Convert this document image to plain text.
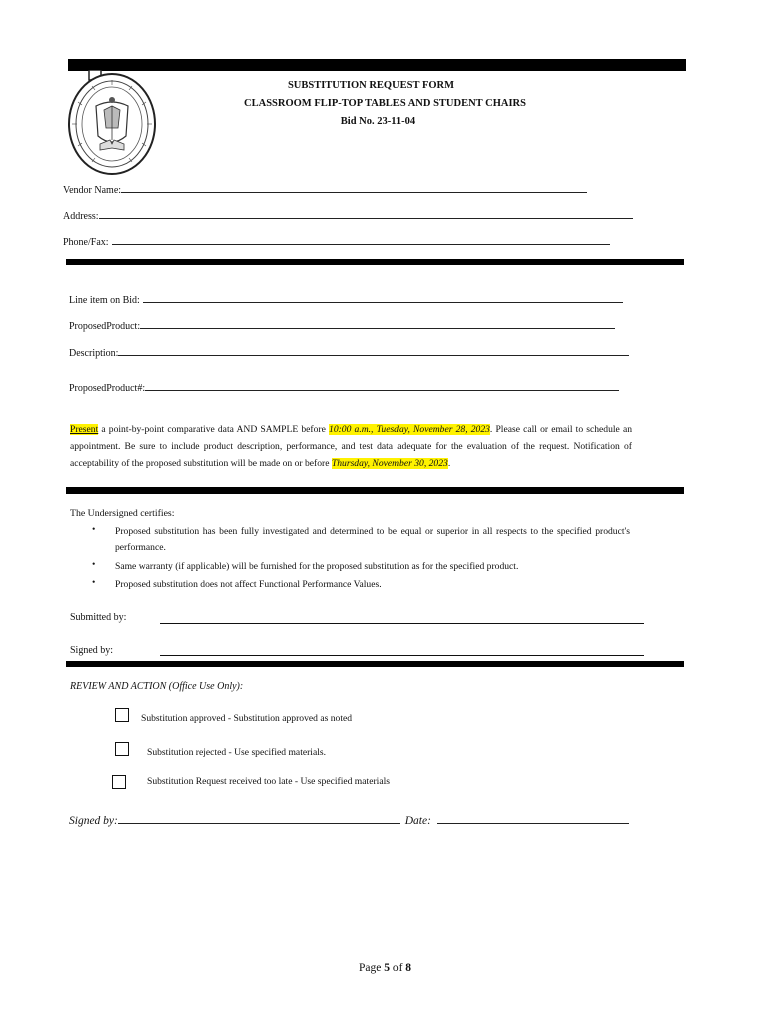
SUBSTITUTION REQUEST FORM
CLASSROOM FLIP-TOP TABLES AND STUDENT CHAIRS
Bid No. 23-11-04
Vendor Name:
Address:
Phone/Fax:
Line item on Bid:
ProposedProduct:
Description:
ProposedProduct#:
Present a point-by-point comparative data AND SAMPLE before 10:00 a.m., Tuesday, November 28, 2023. Please call or email to schedule an appointment. Be sure to include product description, performance, and test data adequate for the evaluation of the request. Notification of acceptability of the proposed substitution will be made on or before Thursday, November 30, 2023.
The Undersigned certifies:
• Proposed substitution has been fully investigated and determined to be equal or superior in all respects to the specified product's performance.
• Same warranty (if applicable) will be furnished for the proposed substitution as for the specified product.
• Proposed substitution does not affect Functional Performance Values.
Submitted by:
Signed by:
REVIEW AND ACTION (Office Use Only):
Substitution approved - Substitution approved as noted
Substitution rejected - Use specified materials.
Substitution Request received too late - Use specified materials
Signed by:	Date:
Page 5 of 8
